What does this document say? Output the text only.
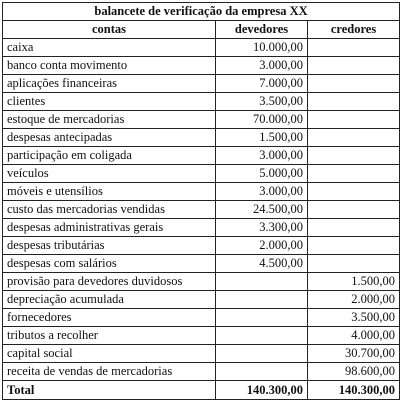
balancete de verificação da empresa XX		
contas	devedores	credores
caixa	10.000,00	
banco conta movimento	3.000,00	
aplicações financeiras	7.000,00	
clientes	3.500,00	
estoque de mercadorias	70.000,00	
despesas antecipadas	1.500,00	
participação em coligada	3.000,00	
veículos	5.000,00	
móveis e utensílios	3.000,00	
custo das mercadorias vendidas	24.500,00	
despesas administrativas gerais	3.300,00	
despesas tributárias	2.000,00	
despesas com salários	4.500,00	
provisão para devedores duvidosos		1.500,00
depreciação acumulada		2.000,00
fornecedores		3.500,00
tributos a recolher		4.000,00
capital social		30.700,00
receita de vendas de mercadorias		98.600,00
Total	140.300,00	140.300,00
